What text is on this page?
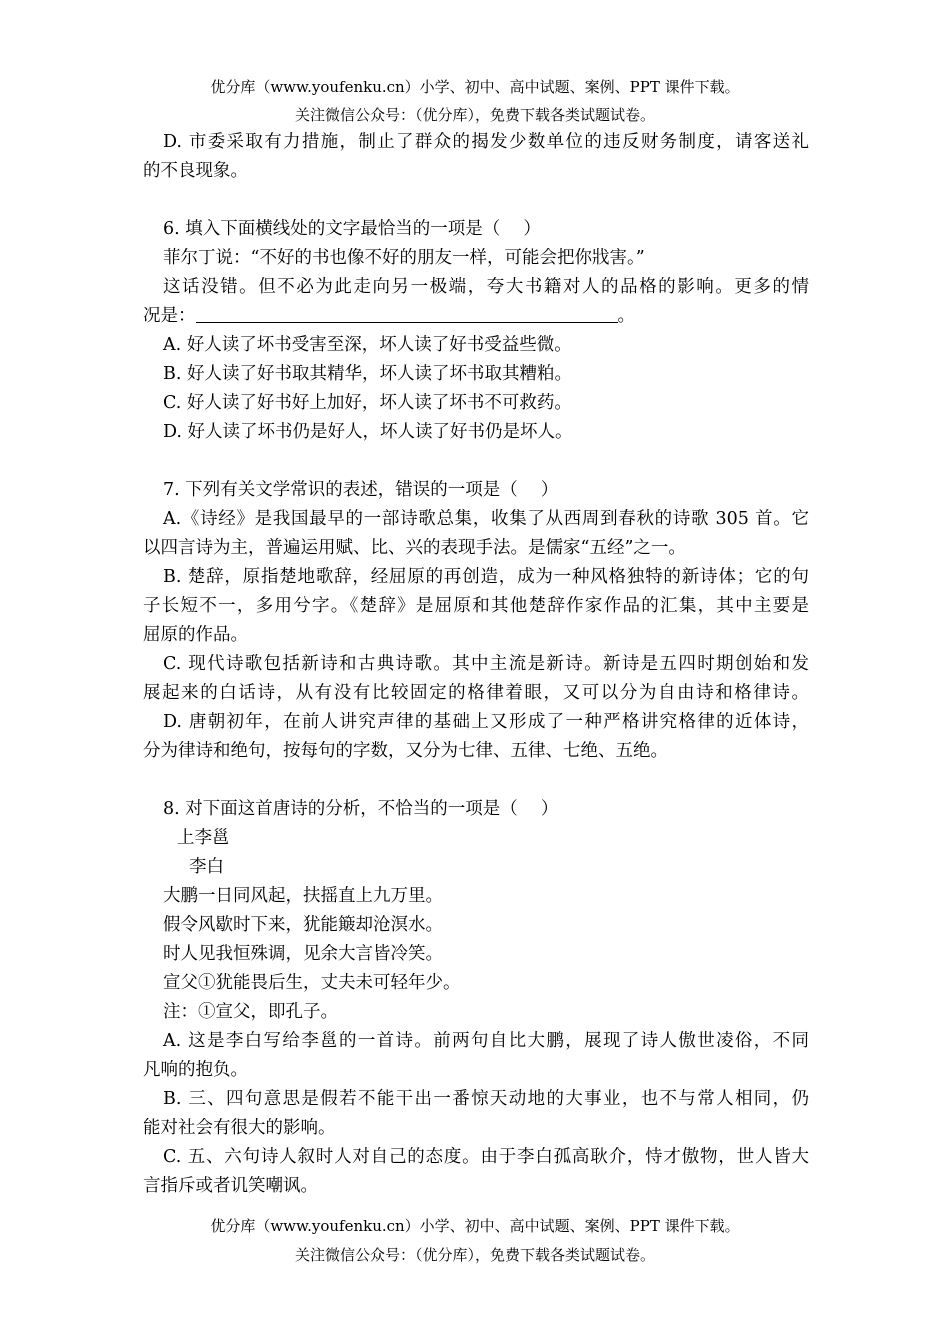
优分库（www.youfenku.cn）小学、初中、高中试题、案例、PPT 课件下载。
关注微信公众号：（优分库），免费下载各类试题试卷。
D. 市委采取有力措施，制止了群众的揭发少数单位的违反财务制度，请客送礼
的不良现象。
6. 填入下面横线处的文字最恰当的一项是（　 ）
菲尔丁说：“不好的书也像不好的朋友一样，可能会把你戕害。”
这话没错。但不必为此走向另一极端，夸大书籍对人的品格的影响。更多的情
况是：	。
A. 好人读了坏书受害至深，坏人读了好书受益些微。
B. 好人读了好书取其精华，坏人读了坏书取其糟粕。
C. 好人读了好书好上加好，坏人读了坏书不可救药。
D. 好人读了坏书仍是好人，坏人读了好书仍是坏人。
7. 下列有关文学常识的表述，错误的一项是（　 ）
A.《诗经》是我国最早的一部诗歌总集，收集了从西周到春秋的诗歌 305 首。它
以四言诗为主，普遍运用赋、比、兴的表现手法。是儒家“五经”之一。
B. 楚辞，原指楚地歌辞，经屈原的再创造，成为一种风格独特的新诗体；它的句
子长短不一，多用兮字。《楚辞》是屈原和其他楚辞作家作品的汇集，其中主要是
屈原的作品。
C. 现代诗歌包括新诗和古典诗歌。其中主流是新诗。新诗是五四时期创始和发
展起来的白话诗，从有没有比较固定的格律着眼，又可以分为自由诗和格律诗。
D. 唐朝初年，在前人讲究声律的基础上又形成了一种严格讲究格律的近体诗，
分为律诗和绝句，按每句的字数，又分为七律、五律、七绝、五绝。
8. 对下面这首唐诗的分析，不恰当的一项是（　 ）
上李邕
李白
大鹏一日同风起，扶摇直上九万里。
假令风歇时下来，犹能簸却沧溟水。
时人见我恒殊调，见余大言皆冷笑。
宣父①犹能畏后生，丈夫未可轻年少。
注：①宣父，即孔子。
A. 这是李白写给李邕的一首诗。前两句自比大鹏，展现了诗人傲世凌俗，不同
凡响的抱负。
B. 三、四句意思是假若不能干出一番惊天动地的大事业，也不与常人相同，仍
能对社会有很大的影响。
C. 五、六句诗人叙时人对自己的态度。由于李白孤高耿介，恃才傲物，世人皆大
言指斥或者讥笑嘲讽。
优分库（www.youfenku.cn）小学、初中、高中试题、案例、PPT 课件下载。
关注微信公众号：（优分库），免费下载各类试题试卷。
